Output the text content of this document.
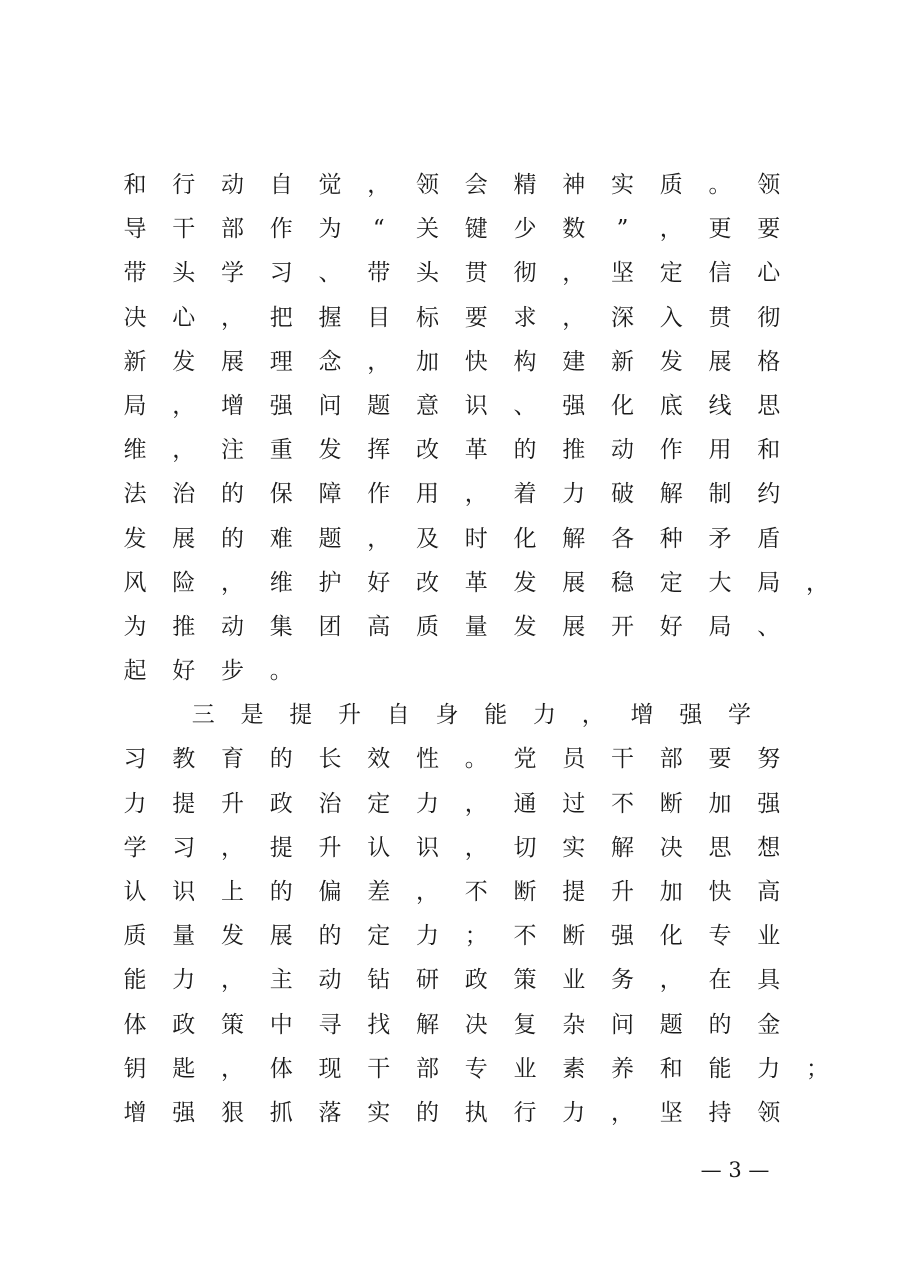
和 行 动 自 觉 ， 领 会 精 神 实 质 。 领
导 干 部 作 为	“	关 键 少 数	”	， 更 要
带 头 学 习 、 带 头 贯 彻 ， 坚 定 信 心
决 心 ， 把 握 目 标 要 求 ， 深 入 贯 彻
新 发 展 理 念 ， 加 快 构 建 新 发 展 格
局 ， 增 强 问 题 意 识 、 强 化 底 线 思
维 ， 注 重 发 挥 改 革 的 推 动 作 用 和
法 治 的 保 障 作 用 ， 着 力 破 解 制 约
发 展 的 难 题 ， 及 时 化 解 各 种 矛 盾
风 险 ， 维 护 好 改 革 发 展 稳 定 大 局 ，
为 推 动 集 团 高 质 量 发 展 开 好 局 、
起 好 步 。
三 是 提 升 自 身 能 力 ， 增 强 学
习 教 育 的 长 效 性 。 党 员 干 部 要 努
力 提 升 政 治 定 力 ， 通 过 不 断 加 强
学 习 ， 提 升 认 识 ， 切 实 解 决 思 想
认 识 上 的 偏 差 ， 不 断 提 升 加 快 高
质 量 发 展 的 定 力 ； 不 断 强 化 专 业
能 力 ， 主 动 钻 研 政 策 业 务 ， 在 具
体 政 策 中 寻 找 解 决 复 杂 问 题 的 金
钥 匙 ， 体 现 干 部 专 业 素 养 和 能 力 ；
增 强 狠 抓 落 实 的 执 行 力 ， 坚 持 领
— 3 —
